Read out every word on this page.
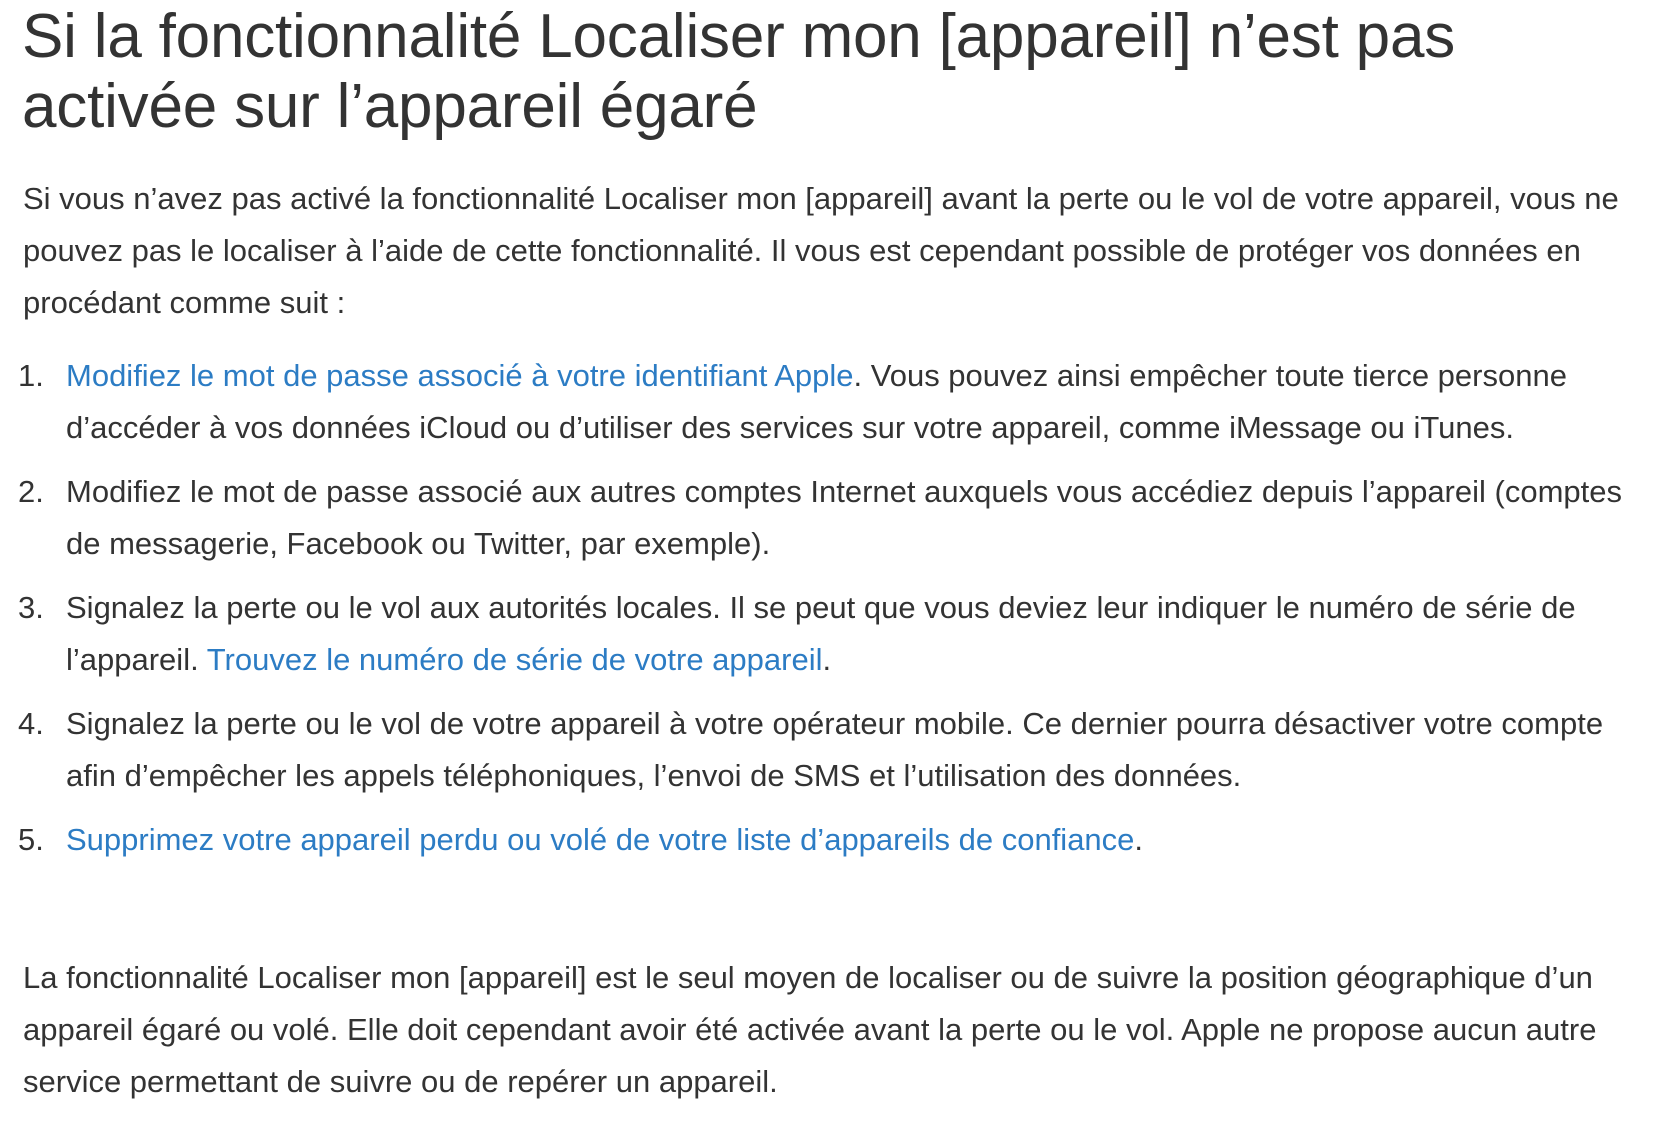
Si la fonctionnalité Localiser mon [appareil] n’est pas activée sur l’appareil égaré

Si vous n’avez pas activé la fonctionnalité Localiser mon [appareil] avant la perte ou le vol de votre appareil, vous ne pouvez pas le localiser à l’aide de cette fonctionnalité. Il vous est cependant possible de protéger vos données en procédant comme suit :

1. Modifiez le mot de passe associé à votre identifiant Apple. Vous pouvez ainsi empêcher toute tierce personne d’accéder à vos données iCloud ou d’utiliser des services sur votre appareil, comme iMessage ou iTunes.
2. Modifiez le mot de passe associé aux autres comptes Internet auxquels vous accédiez depuis l’appareil (comptes de messagerie, Facebook ou Twitter, par exemple).
3. Signalez la perte ou le vol aux autorités locales. Il se peut que vous deviez leur indiquer le numéro de série de l’appareil. Trouvez le numéro de série de votre appareil.
4. Signalez la perte ou le vol de votre appareil à votre opérateur mobile. Ce dernier pourra désactiver votre compte afin d’empêcher les appels téléphoniques, l’envoi de SMS et l’utilisation des données.
5. Supprimez votre appareil perdu ou volé de votre liste d’appareils de confiance.

La fonctionnalité Localiser mon [appareil] est le seul moyen de localiser ou de suivre la position géographique d’un appareil égaré ou volé. Elle doit cependant avoir été activée avant la perte ou le vol. Apple ne propose aucun autre service permettant de suivre ou de repérer un appareil.
